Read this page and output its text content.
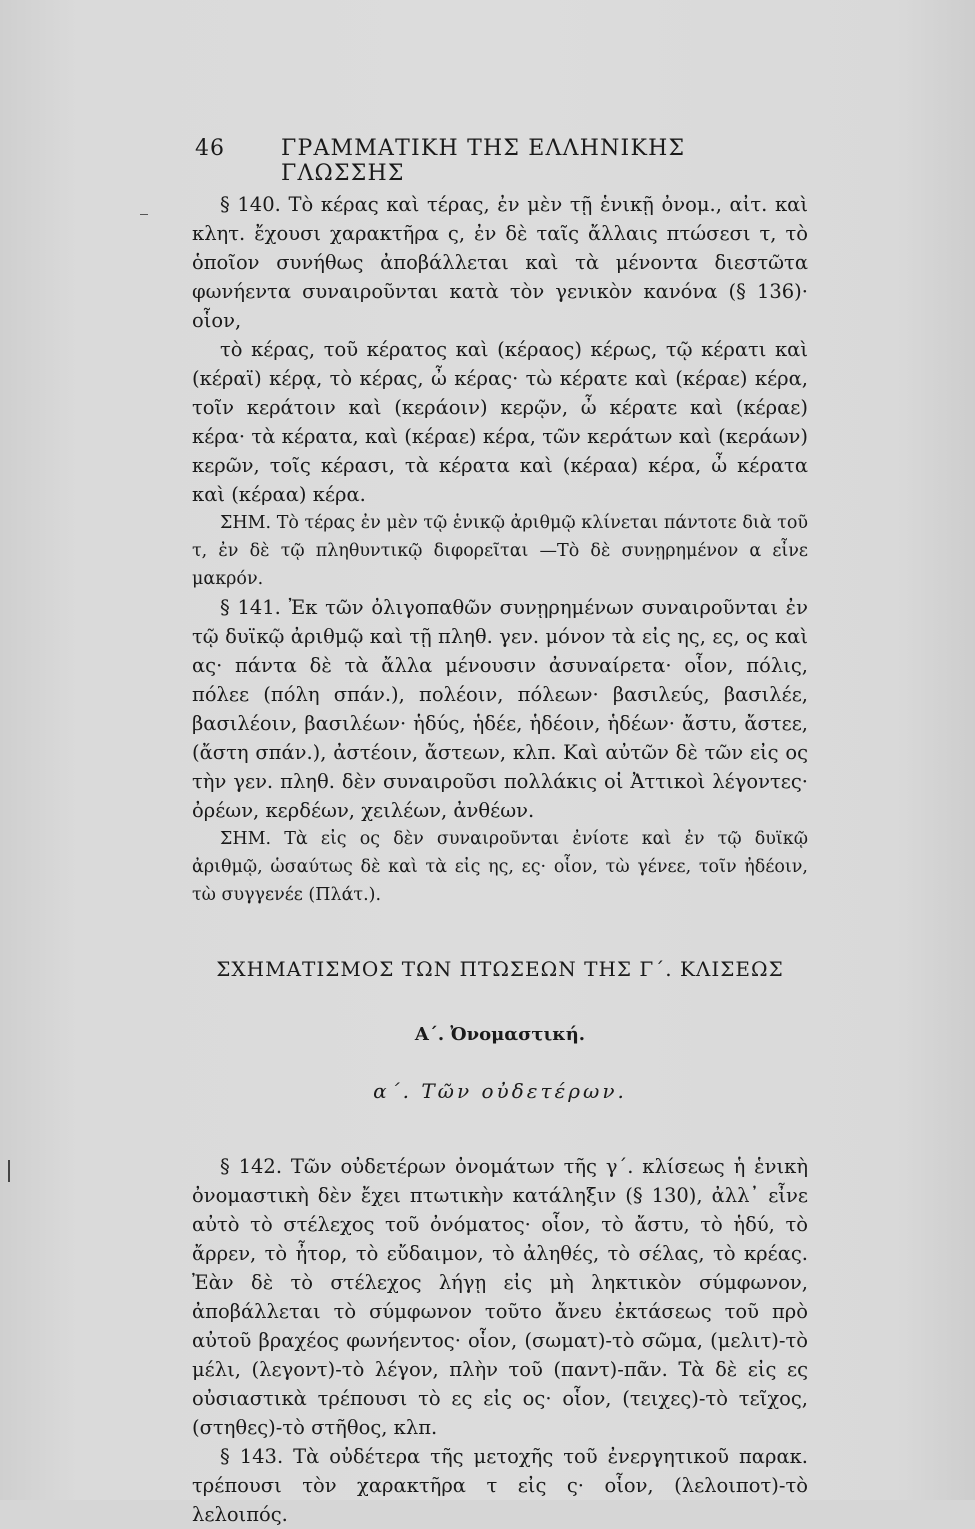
46	ΓΡΑΜΜΑΤΙΚΗ ΤΗΣ ΕΛΛΗΝΙΚΗΣ ΓΛΩΣΣΗΣ

§ 140. Τὸ κέρας καὶ τέρας, ἐν μὲν τῇ ἑνικῇ ὀνομ., αἰτ. καὶ κλητ. ἔχουσι χαρακτῆρα ς, ἐν δὲ ταῖς ἄλλαις πτώσεσι τ, τὸ ὁποῖον συνήθως ἀποβάλλεται καὶ τὰ μένοντα διεστῶτα φωνήεντα συναιροῦνται κατὰ τὸν γενικὸν κανόνα (§ 136)· οἷον,

τὸ κέρας, τοῦ κέρατος καὶ (κέραος) κέρως, τῷ κέρατι καὶ (κέραϊ) κέρᾳ, τὸ κέρας, ὦ κέρας· τὼ κέρατε καὶ (κέραε) κέρα, τοῖν κεράτοιν καὶ (κεράοιν) κερῷν, ὦ κέρατε καὶ (κέραε) κέρα· τὰ κέρατα, καὶ (κέραε) κέρα, τῶν κεράτων καὶ (κεράων) κερῶν, τοῖς κέρασι, τὰ κέρατα καὶ (κέραα) κέρα, ὦ κέρατα καὶ (κέραα) κέρα.

ΣΗΜ. Τὸ τέρας ἐν μὲν τῷ ἑνικῷ ἀριθμῷ κλίνεται πάντοτε διὰ τοῦ τ, ἐν δὲ τῷ πληθυντικῷ διφορεῖται —Τὸ δὲ συνῃρημένον α εἶνε μακρόν.

§ 141. Ἐκ τῶν ὀλιγοπαθῶν συνῃρημένων συναιροῦνται ἐν τῷ δυϊκῷ ἀριθμῷ καὶ τῇ πληθ. γεν. μόνον τὰ εἰς ης, ες, ος καὶ ας· πάντα δὲ τὰ ἄλλα μένουσιν ἀσυναίρετα· οἷον, πόλις, πόλεε (πόλη σπάν.), πολέοιν, πόλεων· βασιλεύς, βασιλέε, βασιλέοιν, βασιλέων· ἡδύς, ἡδέε, ἡδέοιν, ἡδέων· ἄστυ, ἄστεε, (ἄστη σπάν.), ἀστέοιν, ἄστεων, κλπ. Καὶ αὐτῶν δὲ τῶν εἰς ος τὴν γεν. πληθ. δὲν συναιροῦσι πολλάκις οἱ Ἀττικοὶ λέγοντες· ὀρέων, κερδέων, χειλέων, ἀνθέων.

ΣΗΜ. Τὰ εἰς ος δὲν συναιροῦνται ἐνίοτε καὶ ἐν τῷ δυϊκῷ ἀριθμῷ, ὡσαύτως δὲ καὶ τὰ εἰς ης, ες· οἷον, τὼ γένεε, τοῖν ἠδέοιν, τὼ συγγενέε (Πλάτ.).

ΣΧΗΜΑΤΙΣΜΟΣ ΤΩΝ ΠΤΩΣΕΩΝ ΤΗΣ Γ΄. ΚΛΙΣΕΩΣ
Α΄. Ὀνομαστική.
α΄. Τῶν οὐδετέρων.

§ 142. Τῶν οὐδετέρων ὀνομάτων τῆς γ΄. κλίσεως ἡ ἑνικὴ ὀνομαστικὴ δὲν ἔχει πτωτικὴν κατάληξιν (§ 130), ἀλλ᾽ εἶνε αὐτὸ τὸ στέλεχος τοῦ ὀνόματος· οἷον, τὸ ἄστυ, τὸ ἡδύ, τὸ ἄρρεν, τὸ ἦτορ, τὸ εὔδαιμον, τὸ ἀληθές, τὸ σέλας, τὸ κρέας. Ἐὰν δὲ τὸ στέλεχος λήγῃ εἰς μὴ ληκτικὸν σύμφωνον, ἀποβάλλεται τὸ σύμφωνον τοῦτο ἄνευ ἐκτάσεως τοῦ πρὸ αὐτοῦ βραχέος φωνήεντος· οἷον, (σωματ)-τὸ σῶμα, (μελιτ)-τὸ μέλι, (λεγοντ)-τὸ λέγον, πλὴν τοῦ (παντ)-πᾶν. Τὰ δὲ εἰς ες οὐσιαστικὰ τρέπουσι τὸ ες εἰς ος· οἷον, (τειχες)-τὸ τεῖχος, (στηθες)-τὸ στῆθος, κλπ.

§ 143. Τὰ οὐδέτερα τῆς μετοχῆς τοῦ ἐνεργητικοῦ παρακ. τρέπουσι τὸν χαρακτῆρα τ εἰς ς· οἷον, (λελοιποτ)-τὸ λελοιπός.
